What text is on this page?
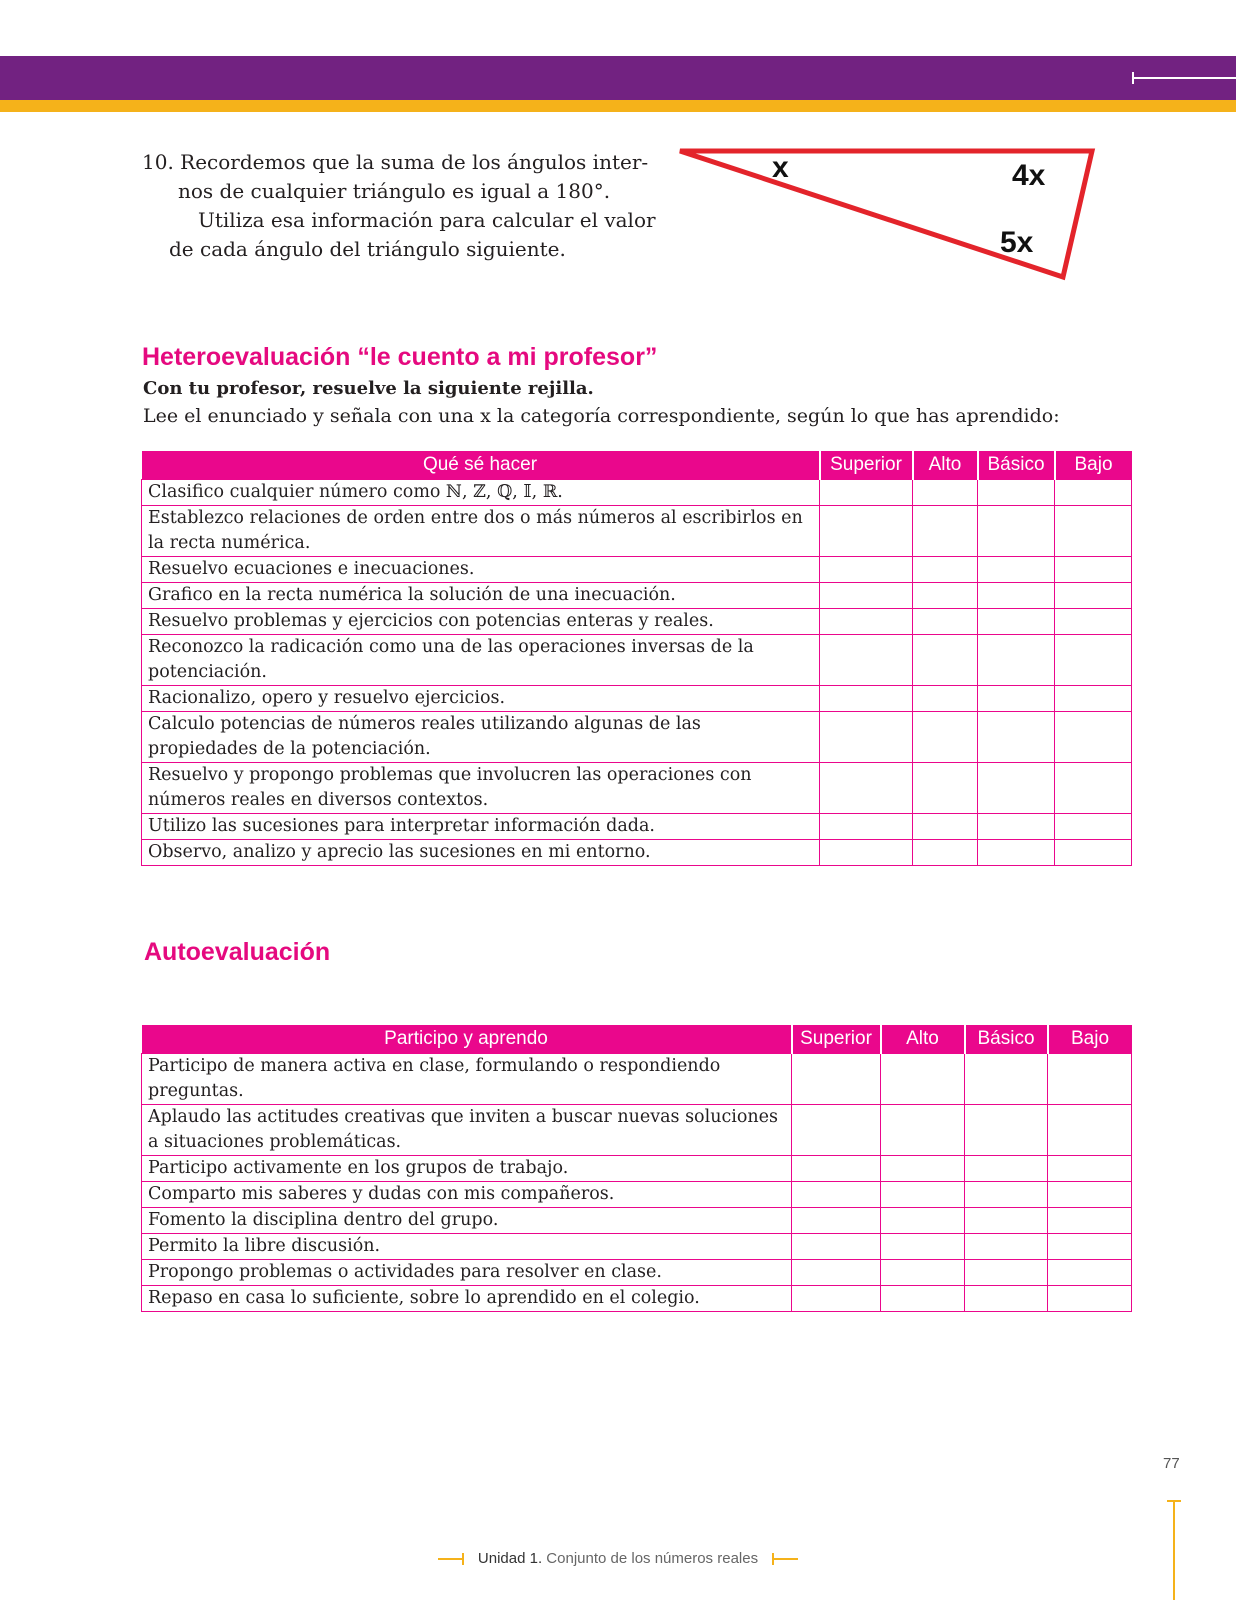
10. Recordemos que la suma de los ángulos inter-
nos de cualquier triángulo es igual a 180°.
Utiliza esa información para calcular el valor
de cada ángulo del triángulo siguiente.
x	4x
5x
Heteroevaluación “le cuento a mi profesor”
Con tu profesor, resuelve la siguiente rejilla.
Lee el enunciado y señala con una x la categoría correspondiente, según lo que has aprendido:
Qué sé hacer	Superior	Alto	Básico	Bajo
Clasifico cualquier número como ℕ, ℤ, ℚ, 𝕀, ℝ.				
Establezco relaciones de orden entre dos o más números al escribirlos en la recta numérica.				
Resuelvo ecuaciones e inecuaciones.				
Grafico en la recta numérica la solución de una inecuación.				
Resuelvo problemas y ejercicios con potencias enteras y reales.				
Reconozco la radicación como una de las operaciones inversas de la potenciación.				
Racionalizo, opero y resuelvo ejercicios.				
Calculo potencias de números reales utilizando algunas de las propiedades de la potenciación.				
Resuelvo y propongo problemas que involucren las operaciones con números reales en diversos contextos.				
Utilizo las sucesiones para interpretar información dada.				
Observo, analizo y aprecio las sucesiones en mi entorno.				
Autoevaluación
Participo y aprendo	Superior	Alto	Básico	Bajo
Participo de manera activa en clase, formulando o respondiendo preguntas.				
Aplaudo las actitudes creativas que inviten a buscar nuevas soluciones a situaciones problemáticas.				
Participo activamente en los grupos de trabajo.				
Comparto mis saberes y dudas con mis compañeros.				
Fomento la disciplina dentro del grupo.				
Permito la libre discusión.				
Propongo problemas o actividades para resolver en clase.				
Repaso en casa lo suficiente, sobre lo aprendido en el colegio.				
77
Unidad 1. Conjunto de los números reales
